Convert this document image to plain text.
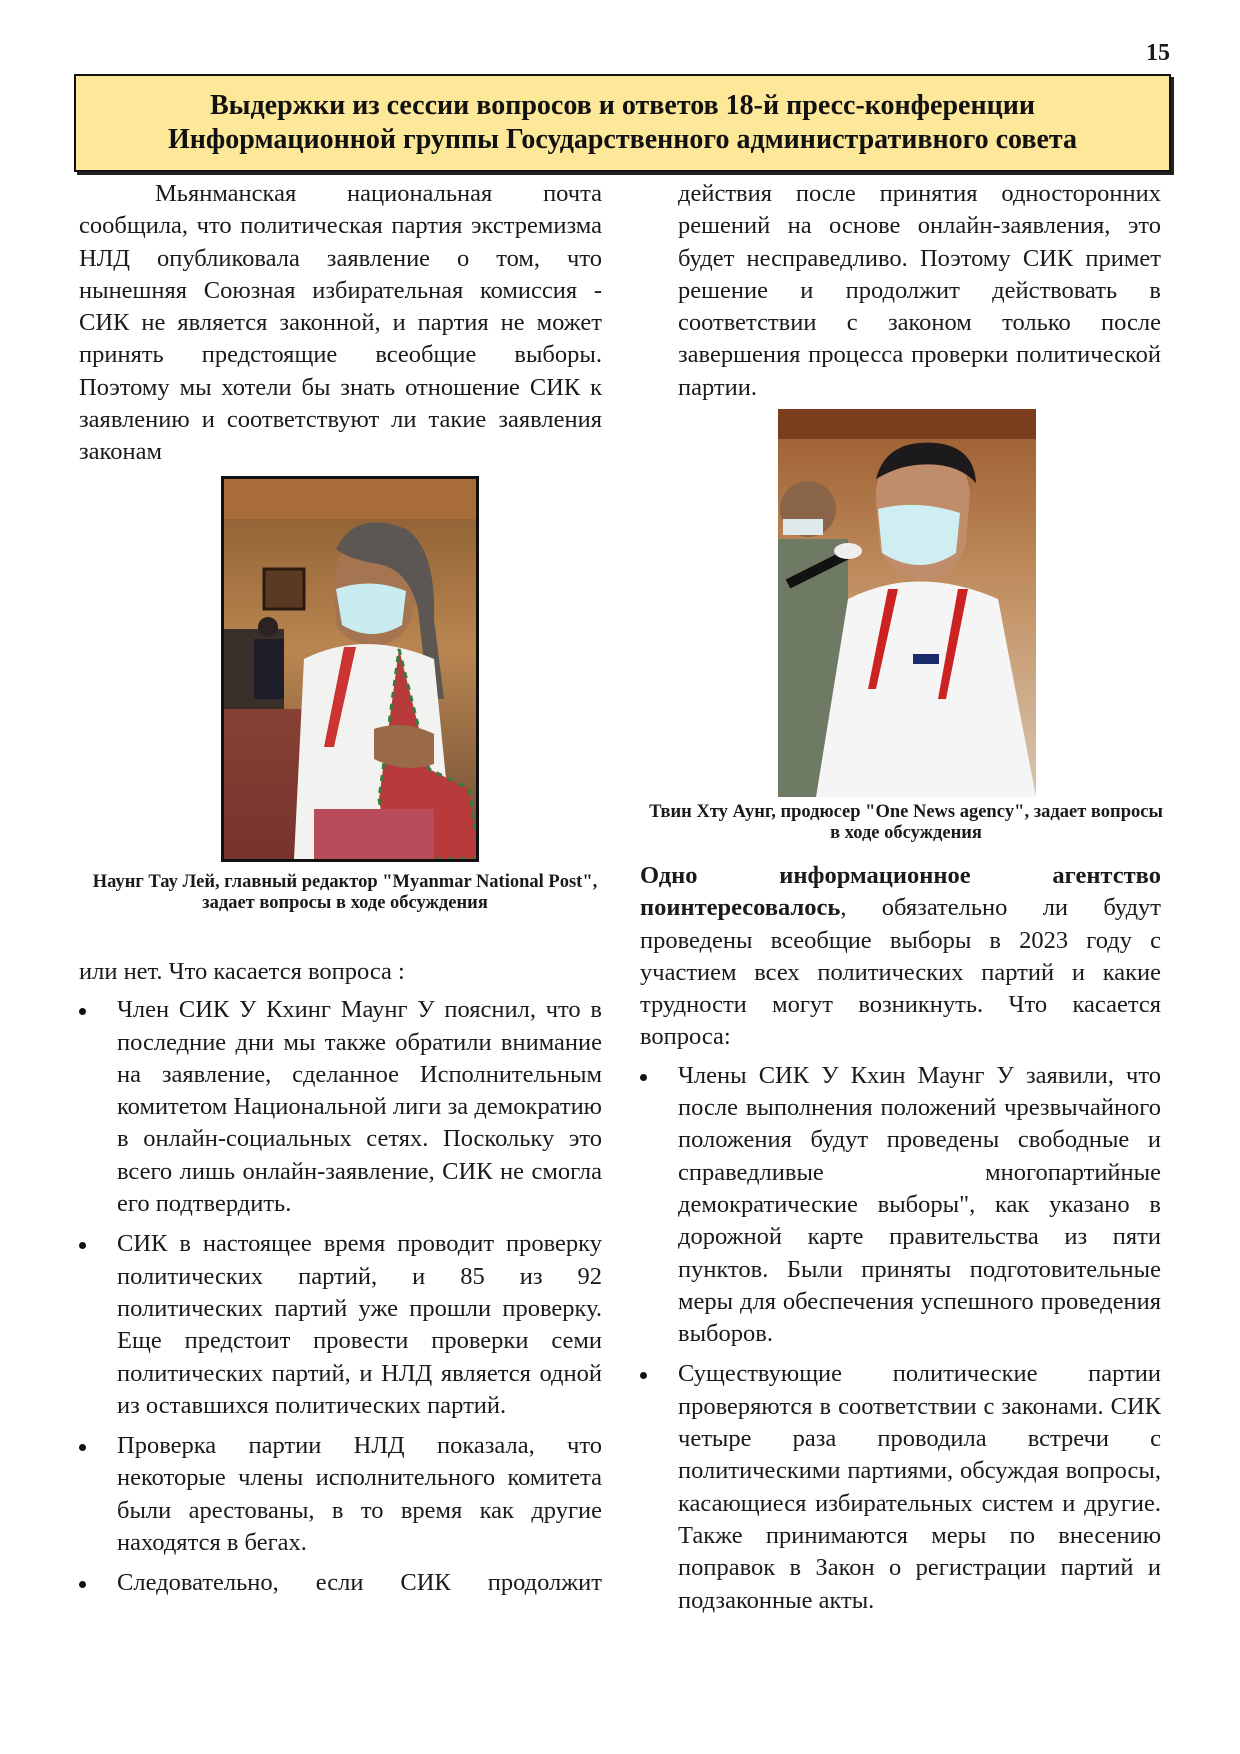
15
Выдержки из сессии вопросов и ответов 18-й пресс-конференции
Информационной группы Государственного административного совета

Мьянманская национальная почта сообщила, что политическая партия экстремизма НЛД опубликовала заявление о том, что нынешняя Союзная избирательная комиссия - СИК не является законной, и партия не может принять предстоящие всеобщие выборы. Поэтому мы хотели бы знать отношение СИК к заявлению и соответствуют ли такие заявления законам

Наунг Тау Лей, главный редактор "Myanmar National Post", задает вопросы в ходе обсуждения

или нет. Что касается вопроса :

Член СИК У Кхинг Маунг У пояснил, что в последние дни мы также обратили внимание на заявление, сделанное Исполнительным комитетом Национальной лиги за демократию в онлайн-социальных сетях. Поскольку это всего лишь онлайн-заявление, СИК не смогла его подтвердить.
СИК в настоящее время проводит проверку политических партий, и 85 из 92 политических партий уже прошли проверку. Еще предстоит провести проверки семи политических партий, и НЛД является одной из оставшихся политических партий.
Проверка партии НЛД показала, что некоторые члены исполнительного комитета были арестованы, в то время как другие находятся в бегах.
Следовательно, если СИК продолжит

действия после принятия односторонних решений на основе онлайн-заявления, это будет несправедливо. Поэтому СИК примет решение и продолжит действовать в соответствии с законом только после завершения процесса проверки политической партии.

Твин Хту Аунг, продюсер "One News agency", задает вопросы в ходе обсуждения

Одно информационное агентство поинтересовалось, обязательно ли будут проведены всеобщие выборы в 2023 году с участием всех политических партий и какие трудности могут возникнуть. Что касается вопроса:

Члены СИК У Кхин Маунг У заявили, что после выполнения положений чрезвычайного положения будут проведены свободные и справедливые многопартийные демократические выборы", как указано в дорожной карте правительства из пяти пунктов. Были приняты подготовительные меры для обеспечения успешного проведения выборов.
Существующие политические партии проверяются в соответствии с законами. СИК четыре раза проводила встречи с политическими партиями, обсуждая вопросы, касающиеся избирательных систем и другие. Также принимаются меры по внесению поправок в Закон о регистрации партий и подзаконные акты.
